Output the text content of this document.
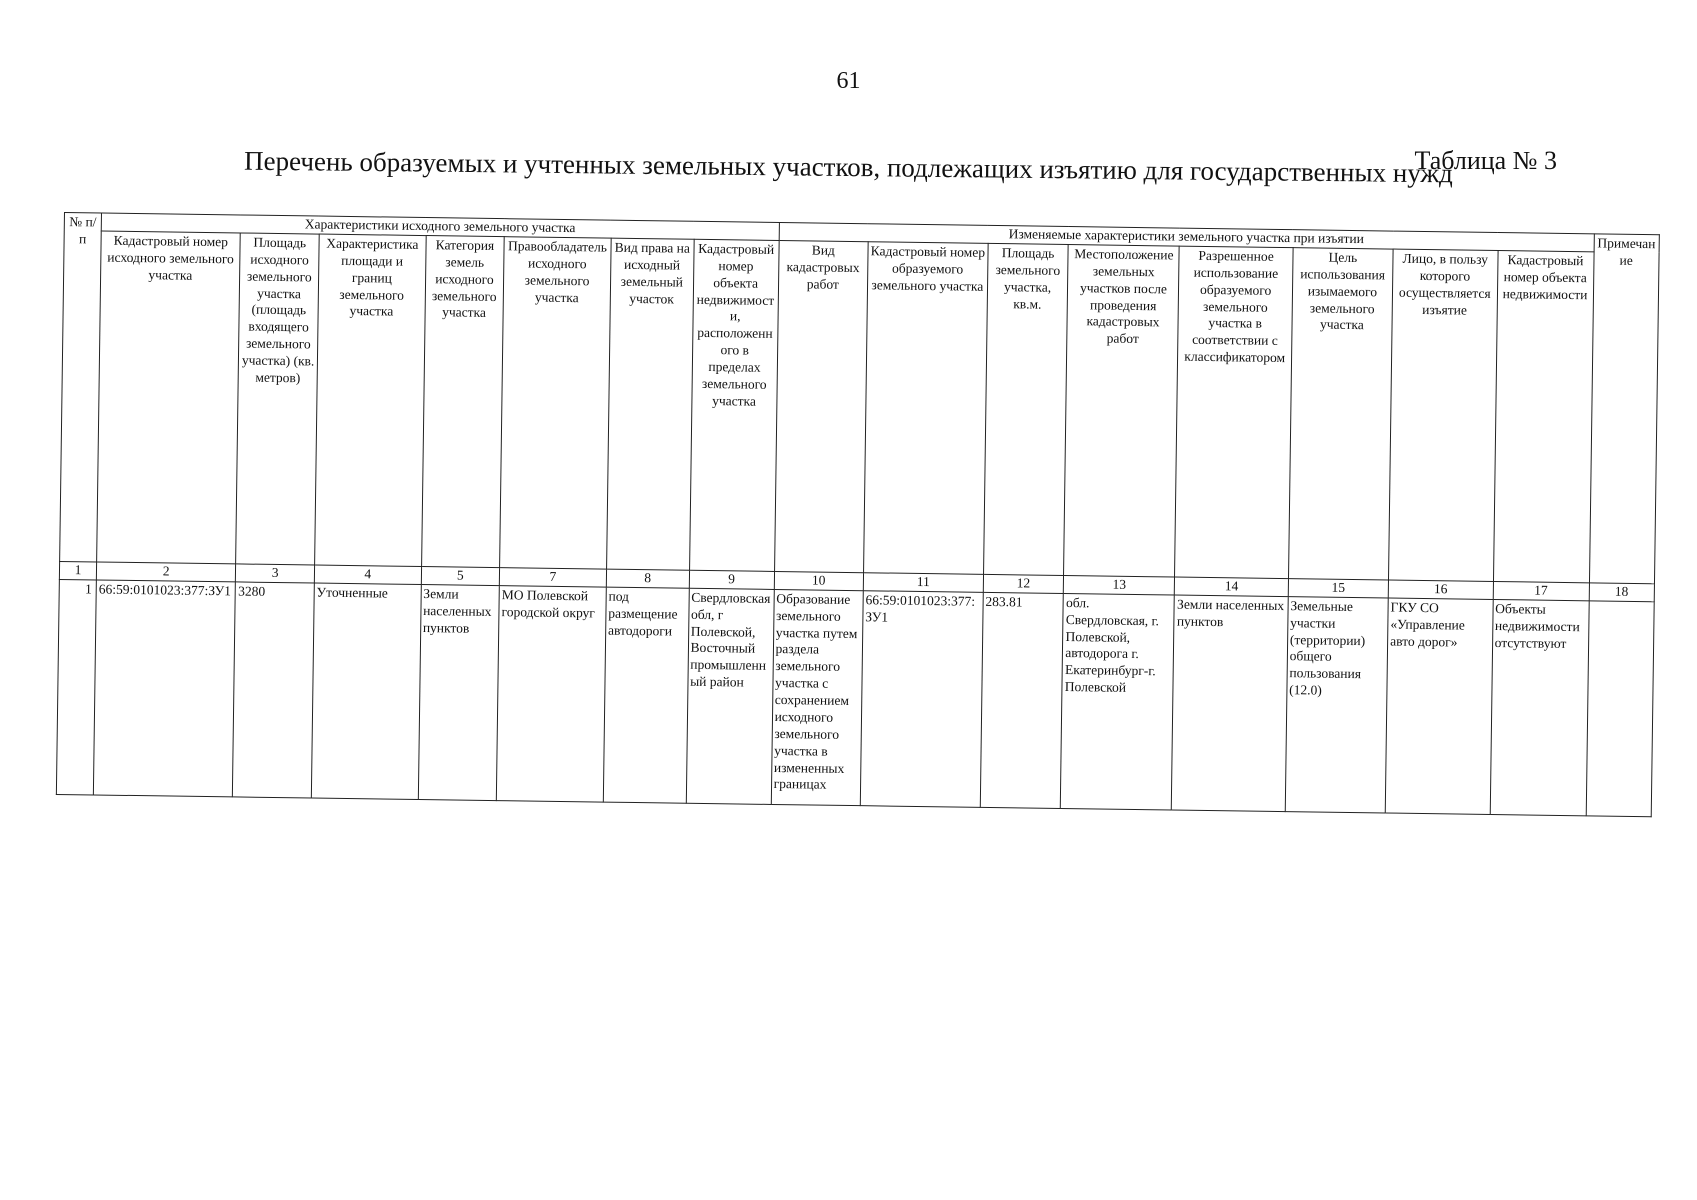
61
Таблица № 3
Перечень образуемых и учтенных земельных участков, подлежащих изъятию для государственных нужд
№ п/п	Характеристики исходного земельного участка							Изменяемые характеристики земельного участка при изъятии								Примечание
	Кадастровый номер исходного земельного участка	Площадь исходного земельного участка (площадь входящего земельного участка) (кв. метров)	Характеристика площади и границ земельного участка	Категория земель исходного земельного участка	Правообладатель исходного земельного участка	Вид права на исходный земельный участок	Кадастровый номер объекта недвижимости, расположенного в пределах земельного участка	Вид кадастровых работ	Кадастровый номер образуемого земельного участка	Площадь земельного участка, кв.м.	Местоположение земельных участков после проведения кадастровых работ	Разрешенное использование образуемого земельного участка в соответствии с классификатором	Цель использования изымаемого земельного участка	Лицо, в пользу которого осуществляется изъятие	Кадастровый номер объекта недвижимости	
1	2	3	4	5	7	8	9	10	11	12	13	14	15	16	17	18
1	66:59:0101023:377:ЗУ1	3280	Уточненные	Земли населенных пунктов	МО Полевской городской округ	под размещение автодороги	Свердловская обл, г Полевской, Восточный промышленный район	Образование земельного участка путем раздела земельного участка с сохранением исходного земельного участка в измененных границах	66:59:0101023:377:ЗУ1	283.81	обл. Свердловская, г. Полевской, автодорога г. Екатеринбург-г. Полевской	Земли населенных пунктов	Земельные участки (территории) общего пользования (12.0)	ГКУ СО «Управление авто дорог»	Объекты недвижимости отсутствуют	
